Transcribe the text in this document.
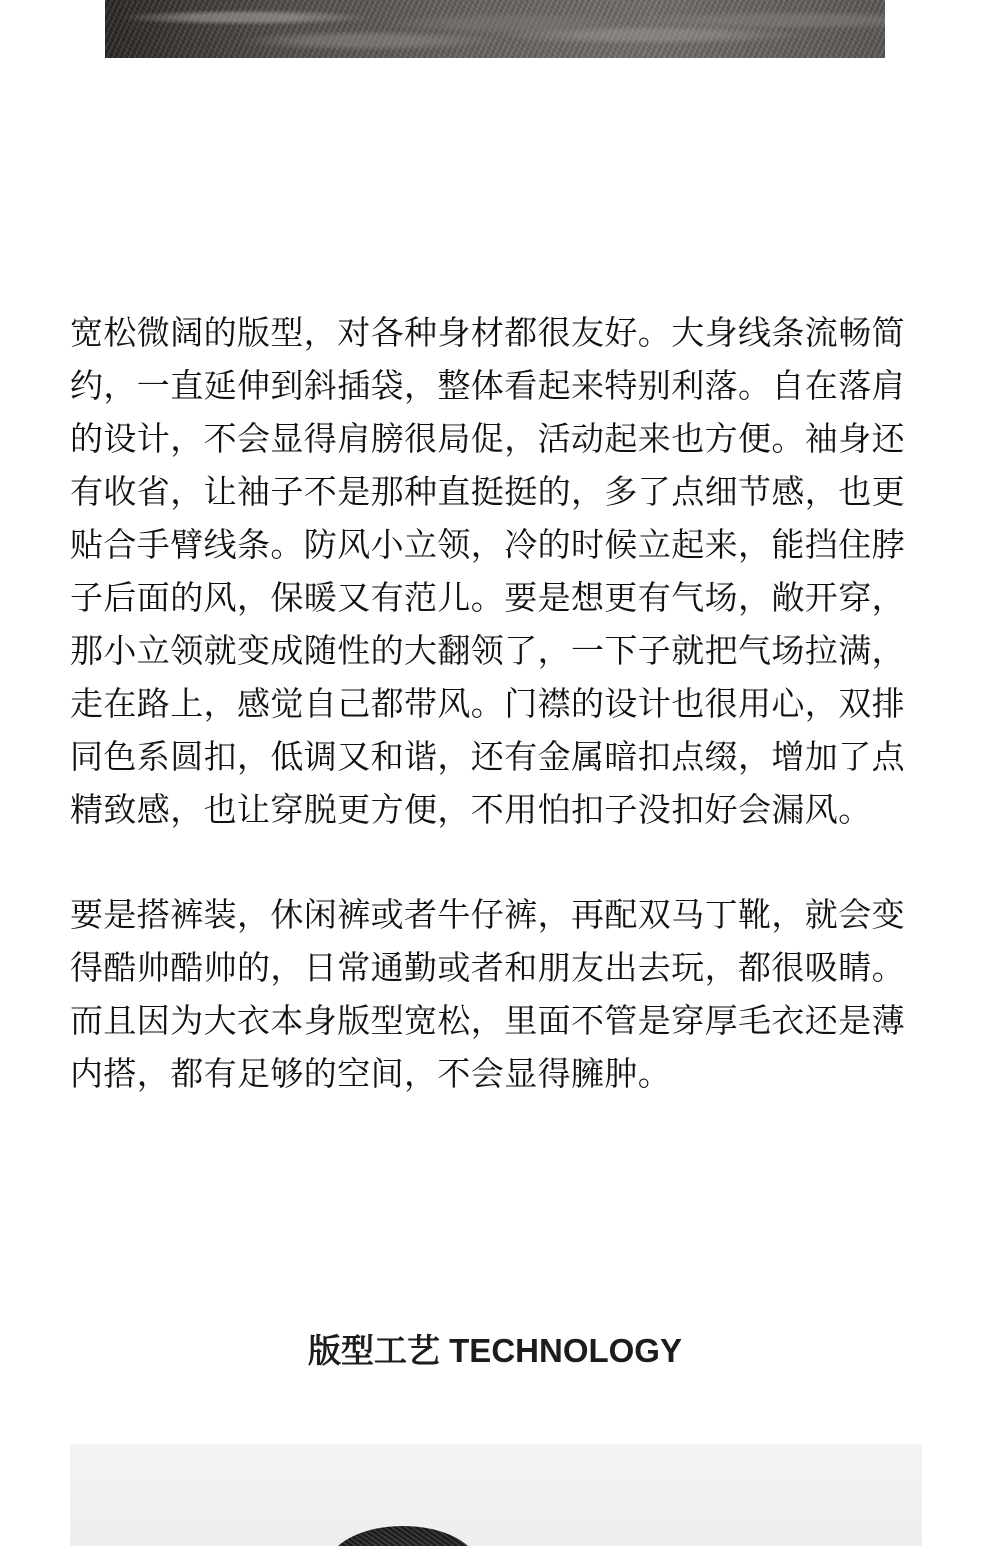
宽松微阔的版型，对各种身材都很友好。大身线条流畅简
约，一直延伸到斜插袋，整体看起来特别利落。自在落肩
的设计，不会显得肩膀很局促，活动起来也方便。袖身还
有收省，让袖子不是那种直挺挺的，多了点细节感，也更
贴合手臂线条。防风小立领，冷的时候立起来，能挡住脖
子后面的风，保暖又有范儿。要是想更有气场，敞开穿，
那小立领就变成随性的大翻领了，一下子就把气场拉满，
走在路上，感觉自己都带风。门襟的设计也很用心，双排
同色系圆扣，低调又和谐，还有金属暗扣点缀，增加了点
精致感，也让穿脱更方便，不用怕扣子没扣好会漏风。

要是搭裤装，休闲裤或者牛仔裤，再配双马丁靴，就会变
得酷帅酷帅的，日常通勤或者和朋友出去玩，都很吸睛。
而且因为大衣本身版型宽松，里面不管是穿厚毛衣还是薄
内搭，都有足够的空间，不会显得臃肿。

版型工艺 TECHNOLOGY
